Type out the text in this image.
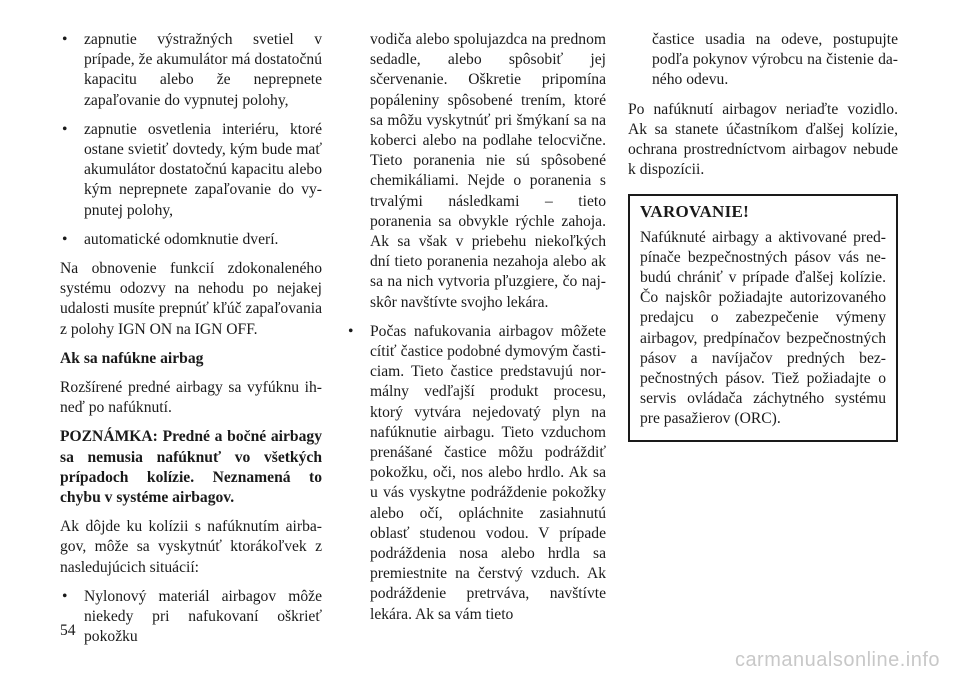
• zapnutie výstražných svetiel v prípade, že akumulátor má dostatočnú kapacitu alebo že neprepnete zapaľovanie do vypnutej polohy,
• zapnutie osvetlenia interiéru, ktoré ostane svietiť dovtedy, kým bude mať akumulátor dostatočnú kapacitu alebo kým neprepnete zapaľovanie do vypnutej polohy,
• automatické odomknutie dverí.

Na obnovenie funkcií zdokonaleného systému odozvy na nehodu po nejakej udalosti musíte prepnúť kľúč zapaľovania z polohy IGN ON na IGN OFF.

Ak sa nafúkne airbag

Rozšírené predné airbagy sa vyfúknu ihneď po nafúknutí.

POZNÁMKA: Predné a bočné airbagy sa nemusia nafúknuť vo všetkých prípadoch kolízie. Neznamená to chybu v systéme airbagov.

Ak dôjde ku kolízii s nafúknutím airbagov, môže sa vyskytnúť ktorákoľvek z nasledujúcich situácií:

• Nylonový materiál airbagov môže niekedy pri nafukovaní oškrieť pokožku
vodiča alebo spolujazdca na prednom sedadle, alebo spôsobiť jej sčervenanie. Oškretie pripomína popáleniny spôsobené trením, ktoré sa môžu vyskytnúť pri šmýkaní sa na koberci alebo na podlahe telocvične. Tieto poranenia nie sú spôsobené chemikáliami. Nejde o poranenia s trvalými následkami – tieto poranenia sa obvykle rýchle zahoja. Ak sa však v priebehu niekoľkých dní tieto poranenia nezahoja alebo ak sa na nich vytvoria pľuzgiere, čo najskôr navštívte svojho lekára.
• Počas nafukovania airbagov môžete cítiť častice podobné dymovým časticiam. Tieto častice predstavujú normálny vedľajší produkt procesu, ktorý vytvára nejedovatý plyn na nafúknutie airbagu. Tieto vzduchom prenášané častice môžu podráždiť pokožku, oči, nos alebo hrdlo. Ak sa u vás vyskytne podráždenie pokožky alebo očí, opláchnite zasiahnutú oblasť studenou vodou. V prípade podráždenia nosa alebo hrdla sa premiestnite na čerstvý vzduch. Ak podráždenie pretrváva, navštívte lekára. Ak sa vám tieto
častice usadia na odeve, postupujte podľa pokynov výrobcu na čistenie daného odevu.

Po nafúknutí airbagov neriaďte vozidlo. Ak sa stanete účastníkom ďalšej kolízie, ochrana prostredníctvom airbagov nebude k dispozícii.

VAROVANIE!

Nafúknuté airbagy a aktivované predpínače bezpečnostných pásov vás nebudú chrániť v prípade ďalšej kolízie. Čo najskôr požiadajte autorizovaného predajcu o zabezpečenie výmeny airbagov, predpínačov bezpečnostných pásov a navíjačov predných bezpečnostných pásov. Tiež požiadajte o servis ovládača záchytného systému pre pasažierov (ORC).

54
carmanualsonline.info
